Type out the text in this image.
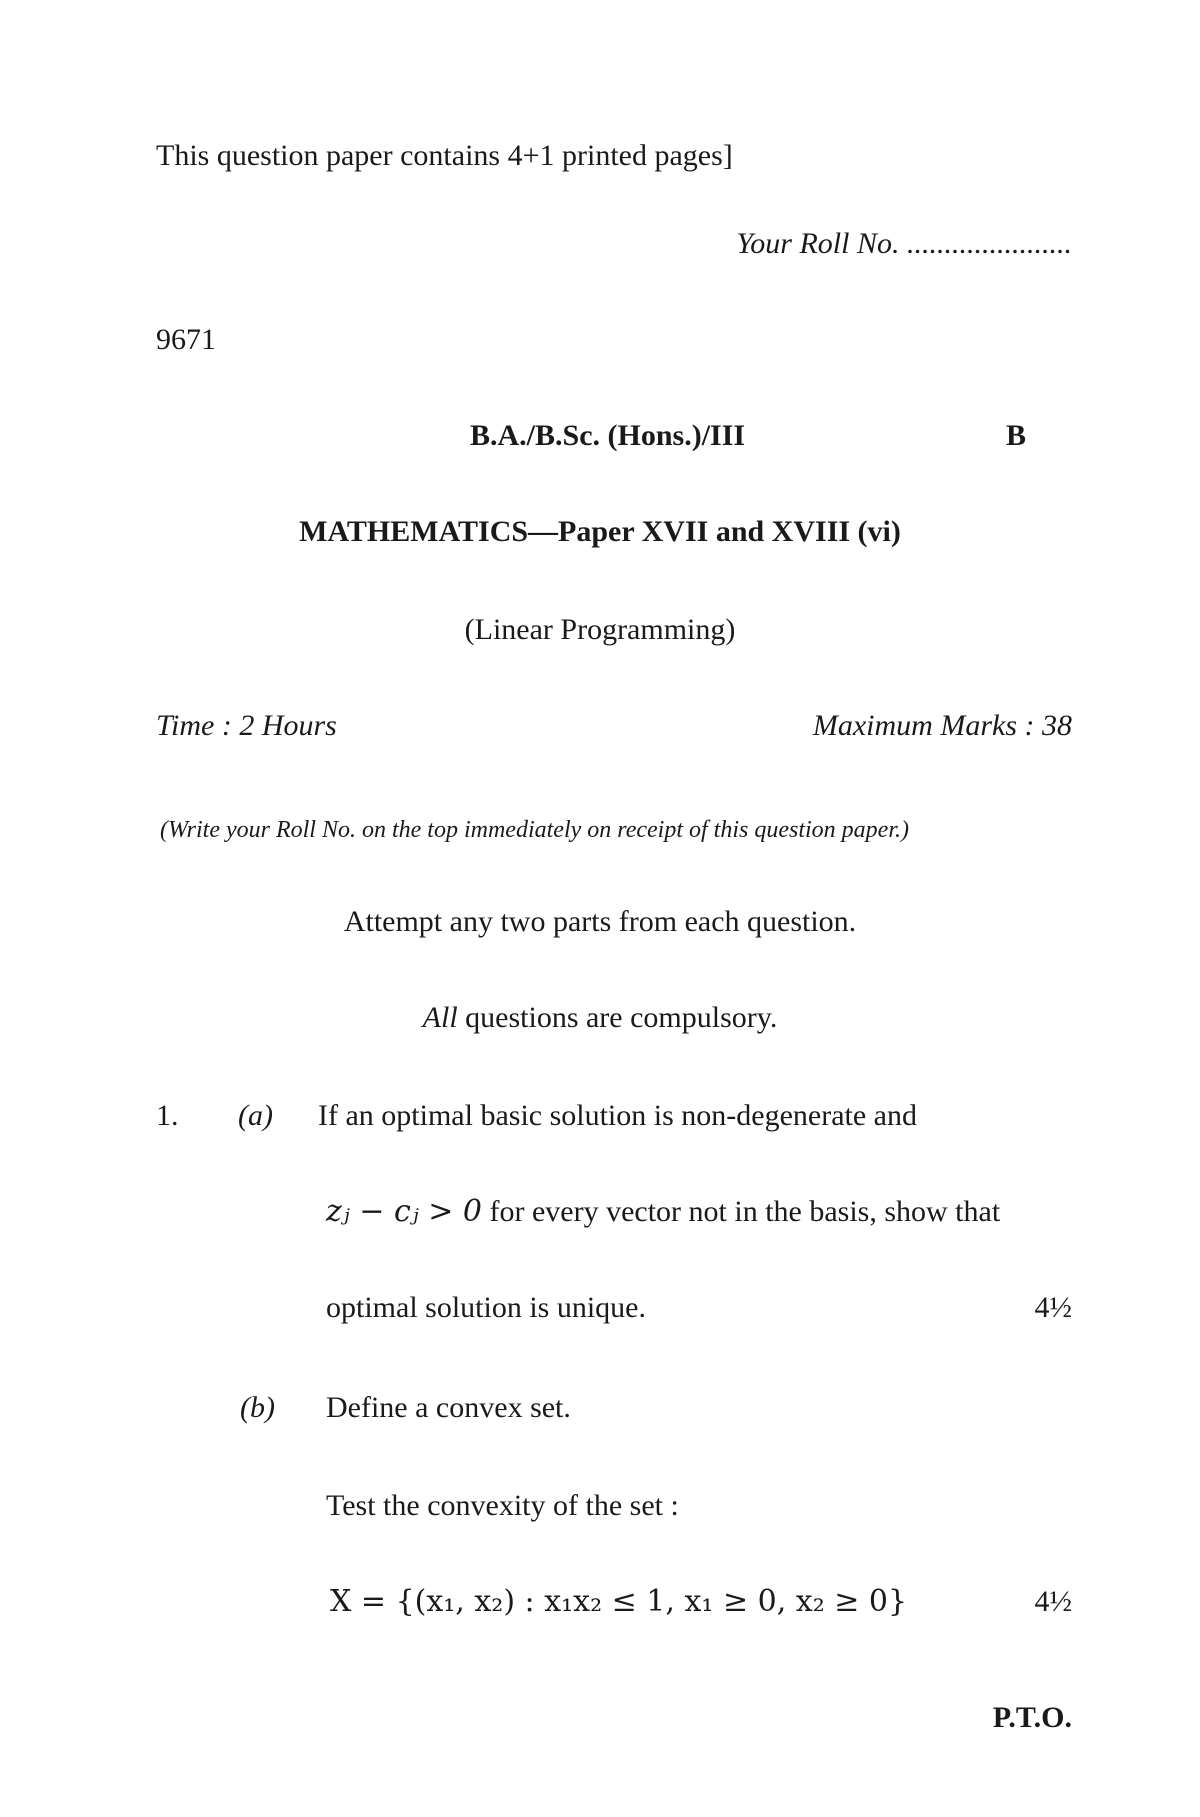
This question paper contains 4+1 printed pages]
Your Roll No. ......................
9671
B.A./B.Sc. (Hons.)/III	B
MATHEMATICS—Paper XVII and XVIII (vi)
(Linear Programming)
Time : 2 Hours	Maximum Marks : 38
(Write your Roll No. on the top immediately on receipt of this question paper.)
Attempt any two parts from each question.
All questions are compulsory.
1. (a) If an optimal basic solution is non-degenerate and
zⱼ − cⱼ > 0 for every vector not in the basis, show that
optimal solution is unique.	4½
(b) Define a convex set.
Test the convexity of the set :
X = {(x₁, x₂) : x₁x₂ ≤ 1, x₁ ≥ 0, x₂ ≥ 0}	4½
P.T.O.
